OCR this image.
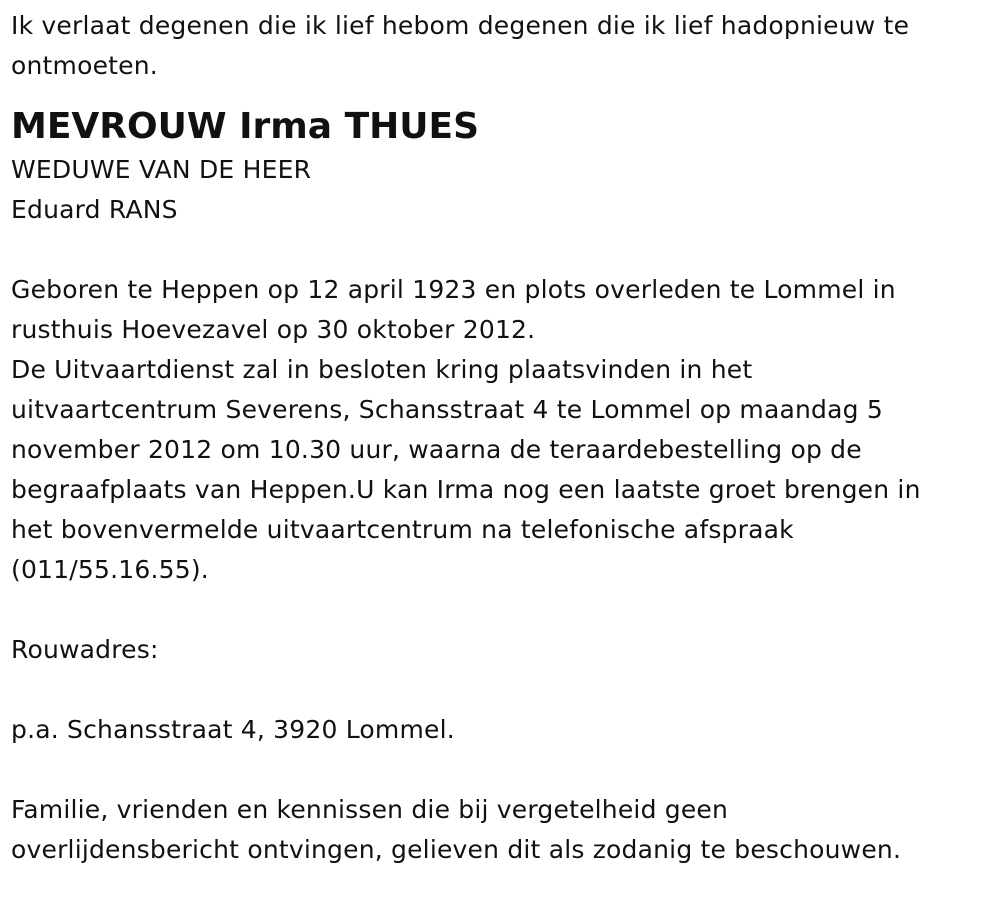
Ik verlaat degenen die ik lief hebom degenen die ik lief hadopnieuw te

ontmoeten.

MEVROUW Irma THUES

WEDUWE VAN DE HEER

Eduard RANS

Geboren te Heppen op 12 april 1923 en plots overleden te Lommel in

rusthuis Hoevezavel op 30 oktober 2012.

De Uitvaartdienst zal in besloten kring plaatsvinden in het

uitvaartcentrum Severens, Schansstraat 4 te Lommel op maandag 5

november 2012 om 10.30 uur, waarna de teraardebestelling op de

begraafplaats van Heppen.U kan Irma nog een laatste groet brengen in

het bovenvermelde uitvaartcentrum na telefonische afspraak

(011/55.16.55).

Rouwadres:

p.a. Schansstraat 4, 3920 Lommel.

Familie, vrienden en kennissen die bij vergetelheid geen

overlijdensbericht ontvingen, gelieven dit als zodanig te beschouwen.
